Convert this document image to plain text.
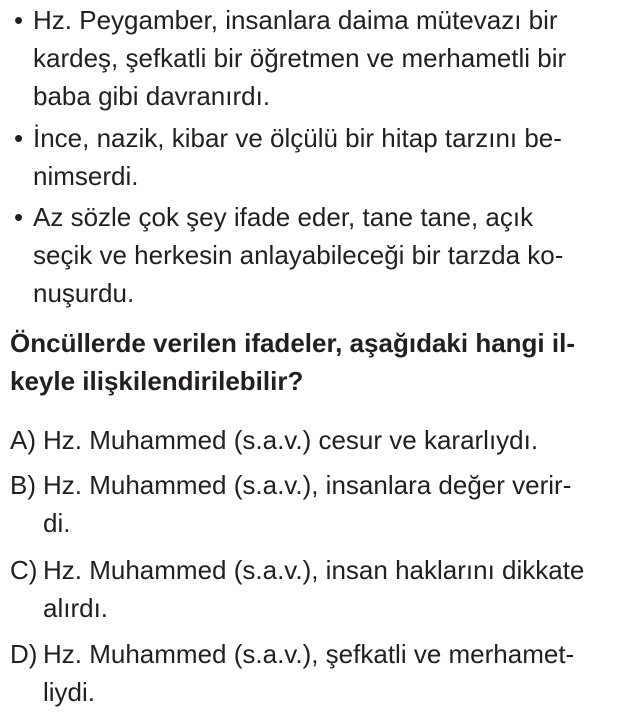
• Hz. Peygamber, insanlara daima mütevazı bir
kardeş, şefkatli bir öğretmen ve merhametli bir
baba gibi davranırdı.
• İnce, nazik, kibar ve ölçülü bir hitap tarzını be-
nimserdi.
• Az sözle çok şey ifade eder, tane tane, açık
seçik ve herkesin anlayabileceği bir tarzda ko-
nuşurdu.
Öncüllerde verilen ifadeler, aşağıdaki hangi il-
keyle ilişkilendirilebilir?
A) Hz. Muhammed (s.a.v.) cesur ve kararlıydı.
B) Hz. Muhammed (s.a.v.), insanlara değer verir-
di.
C) Hz. Muhammed (s.a.v.), insan haklarını dikkate
alırdı.
D) Hz. Muhammed (s.a.v.), şefkatli ve merhamet-
liydi.
